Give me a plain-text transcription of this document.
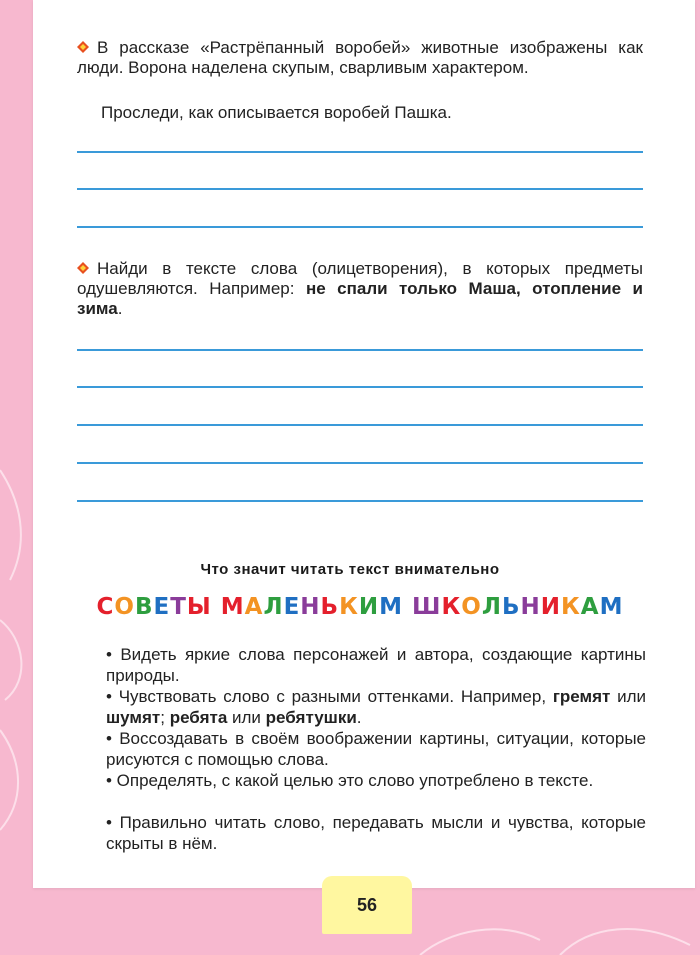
В рассказе «Растрёпанный воробей» животные изображены как люди. Ворона наделена скупым, сварливым характером.

Проследи, как описывается воробей Пашка.

Найди в тексте слова (олицетворения), в которых предметы одушевляются. Например: не спали только Маша, отопление и зима.

Что значит читать текст внимательно

СОВЕТЫ МАЛЕНЬКИМ ШКОЛЬНИКАМ

• Видеть яркие слова персонажей и автора, создающие картины природы.

• Чувствовать слово с разными оттенками. Например, гремят или шумят; ребята или ребятушки.

• Воссоздавать в своём воображении картины, ситуации, которые рисуются с помощью слова.

• Определять, с какой целью это слово употреблено в тексте.

• Правильно читать слово, передавать мысли и чувства, которые скрыты в нём.

56
